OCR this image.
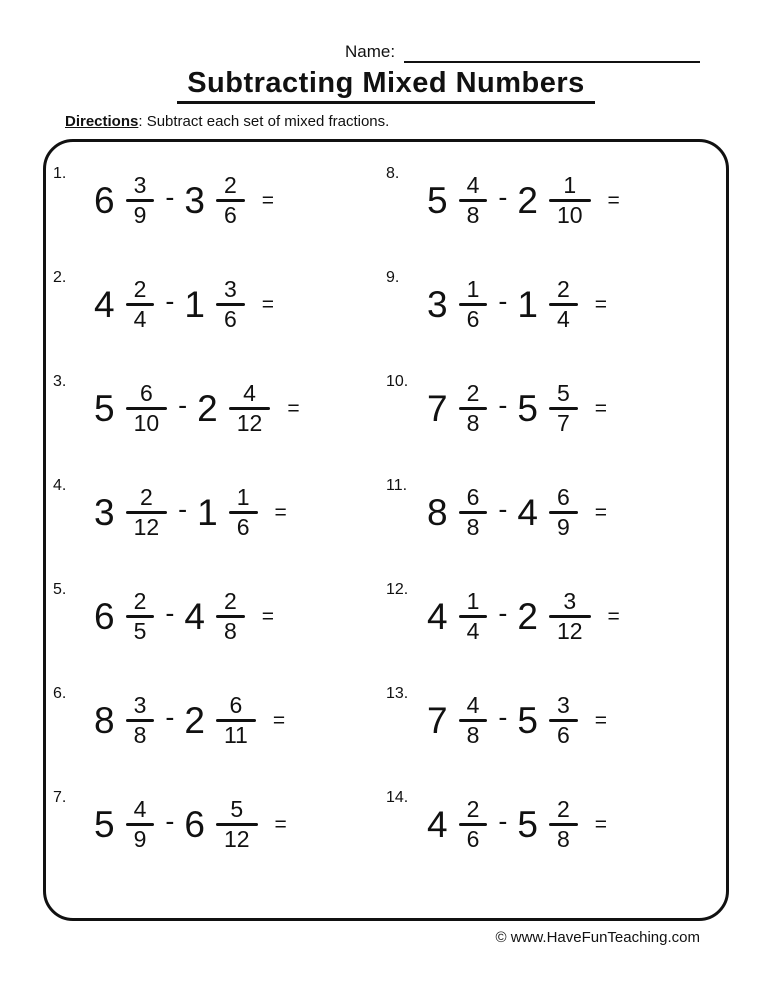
Name:
Subtracting Mixed Numbers
Directions: Subtract each set of mixed fractions.
1.
$6 \frac{3}{9} - 3 \frac{2}{6}$ =
2.
$4 \frac{2}{4} - 1 \frac{3}{6}$ =
3.
$5 \frac{6}{10} - 2 \frac{4}{12}$ =
4.
$3 \frac{2}{12} - 1 \frac{1}{6}$ =
5.
$6 \frac{2}{5} - 4 \frac{2}{8}$ =
6.
$8 \frac{3}{8} - 2 \frac{6}{11}$ =
7.
$5 \frac{4}{9} - 6 \frac{5}{12}$ =
8.
$5 \frac{4}{8} - 2 \frac{1}{10}$ =
9.
$3 \frac{1}{6} - 1 \frac{2}{4}$ =
10.
$7 \frac{2}{8} - 5 \frac{5}{7}$ =
11.
$8 \frac{6}{8} - 4 \frac{6}{9}$ =
12.
$4 \frac{1}{4} - 2 \frac{3}{12}$ =
13.
$7 \frac{4}{8} - 5 \frac{3}{6}$ =
14.
$4 \frac{2}{6} - 5 \frac{2}{8}$ =
© www.HaveFunTeaching.com
